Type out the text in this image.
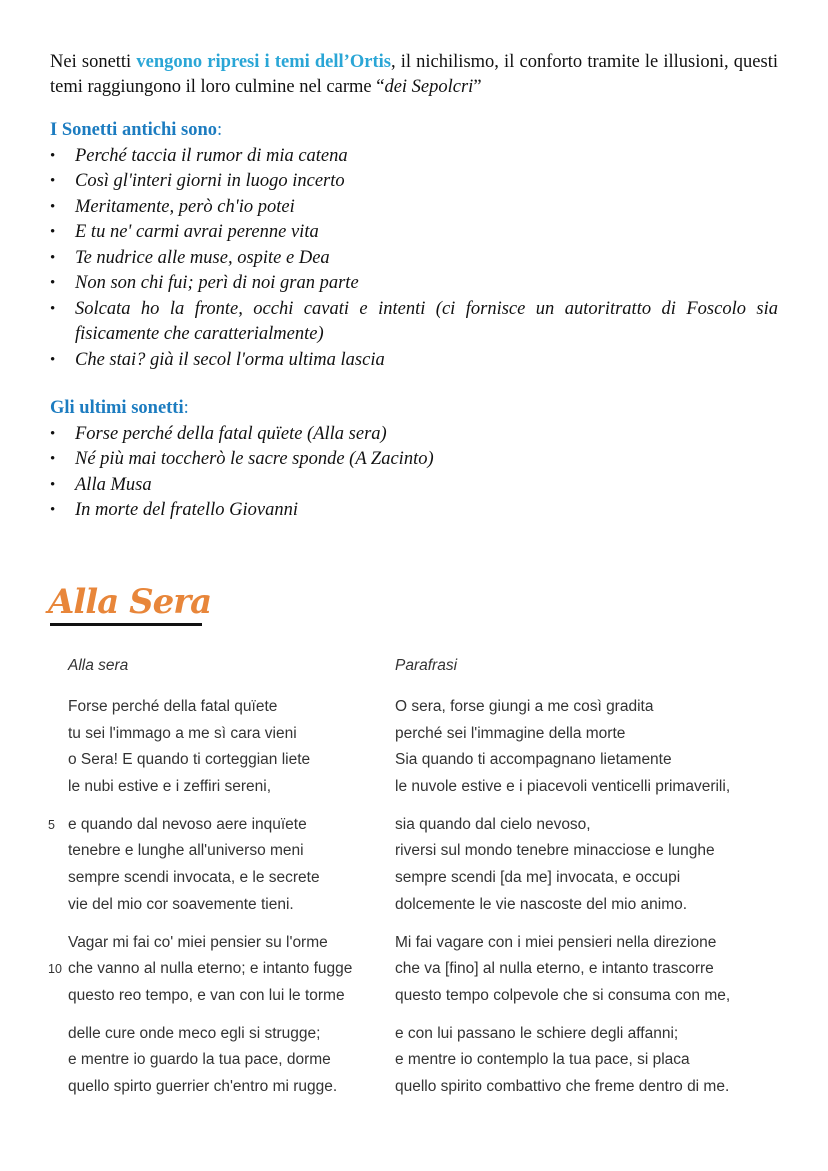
Nei sonetti vengono ripresi i temi dell’Ortis, il nichilismo, il conforto tramite le illusioni, questi temi raggiungono il loro culmine nel carme “dei Sepolcri”
I Sonetti antichi sono:
• Perché taccia il rumor di mia catena
• Così gl'interi giorni in luogo incerto
• Meritamente, però ch'io potei
• E tu ne' carmi avrai perenne vita
• Te nudrice alle muse, ospite e Dea
• Non son chi fui; perì di noi gran parte
• Solcata ho la fronte, occhi cavati e intenti (ci fornisce un autoritratto di Foscolo sia fisicamente che caratterialmente)
• Che stai? già il secol l'orma ultima lascia
Gli ultimi sonetti:
• Forse perché della fatal quïete (Alla sera)
• Né più mai toccherò le sacre sponde (A Zacinto)
• Alla Musa
• In morte del fratello Giovanni
Alla Sera
Alla sera
Forse perché della fatal quïete
tu sei l'immago a me sì cara vieni
o Sera! E quando ti corteggian liete
le nubi estive e i zeffiri sereni,
5 e quando dal nevoso aere inquïete
tenebre e lunghe all'universo meni
sempre scendi invocata, e le secrete
vie del mio cor soavemente tieni.
Vagar mi fai co' miei pensier su l'orme
10 che vanno al nulla eterno; e intanto fugge
questo reo tempo, e van con lui le torme
delle cure onde meco egli si strugge;
e mentre io guardo la tua pace, dorme
quello spirto guerrier ch'entro mi rugge.
Parafrasi
O sera, forse giungi a me così gradita
perché sei l'immagine della morte
Sia quando ti accompagnano lietamente
le nuvole estive e i piacevoli venticelli primaverili,
sia quando dal cielo nevoso,
riversi sul mondo tenebre minacciose e lunghe
sempre scendi [da me] invocata, e occupi
dolcemente le vie nascoste del mio animo.
Mi fai vagare con i miei pensieri nella direzione
che va [fino] al nulla eterno, e intanto trascorre
questo tempo colpevole che si consuma con me,
e con lui passano le schiere degli affanni;
e mentre io contemplo la tua pace, si placa
quello spirito combattivo che freme dentro di me.
